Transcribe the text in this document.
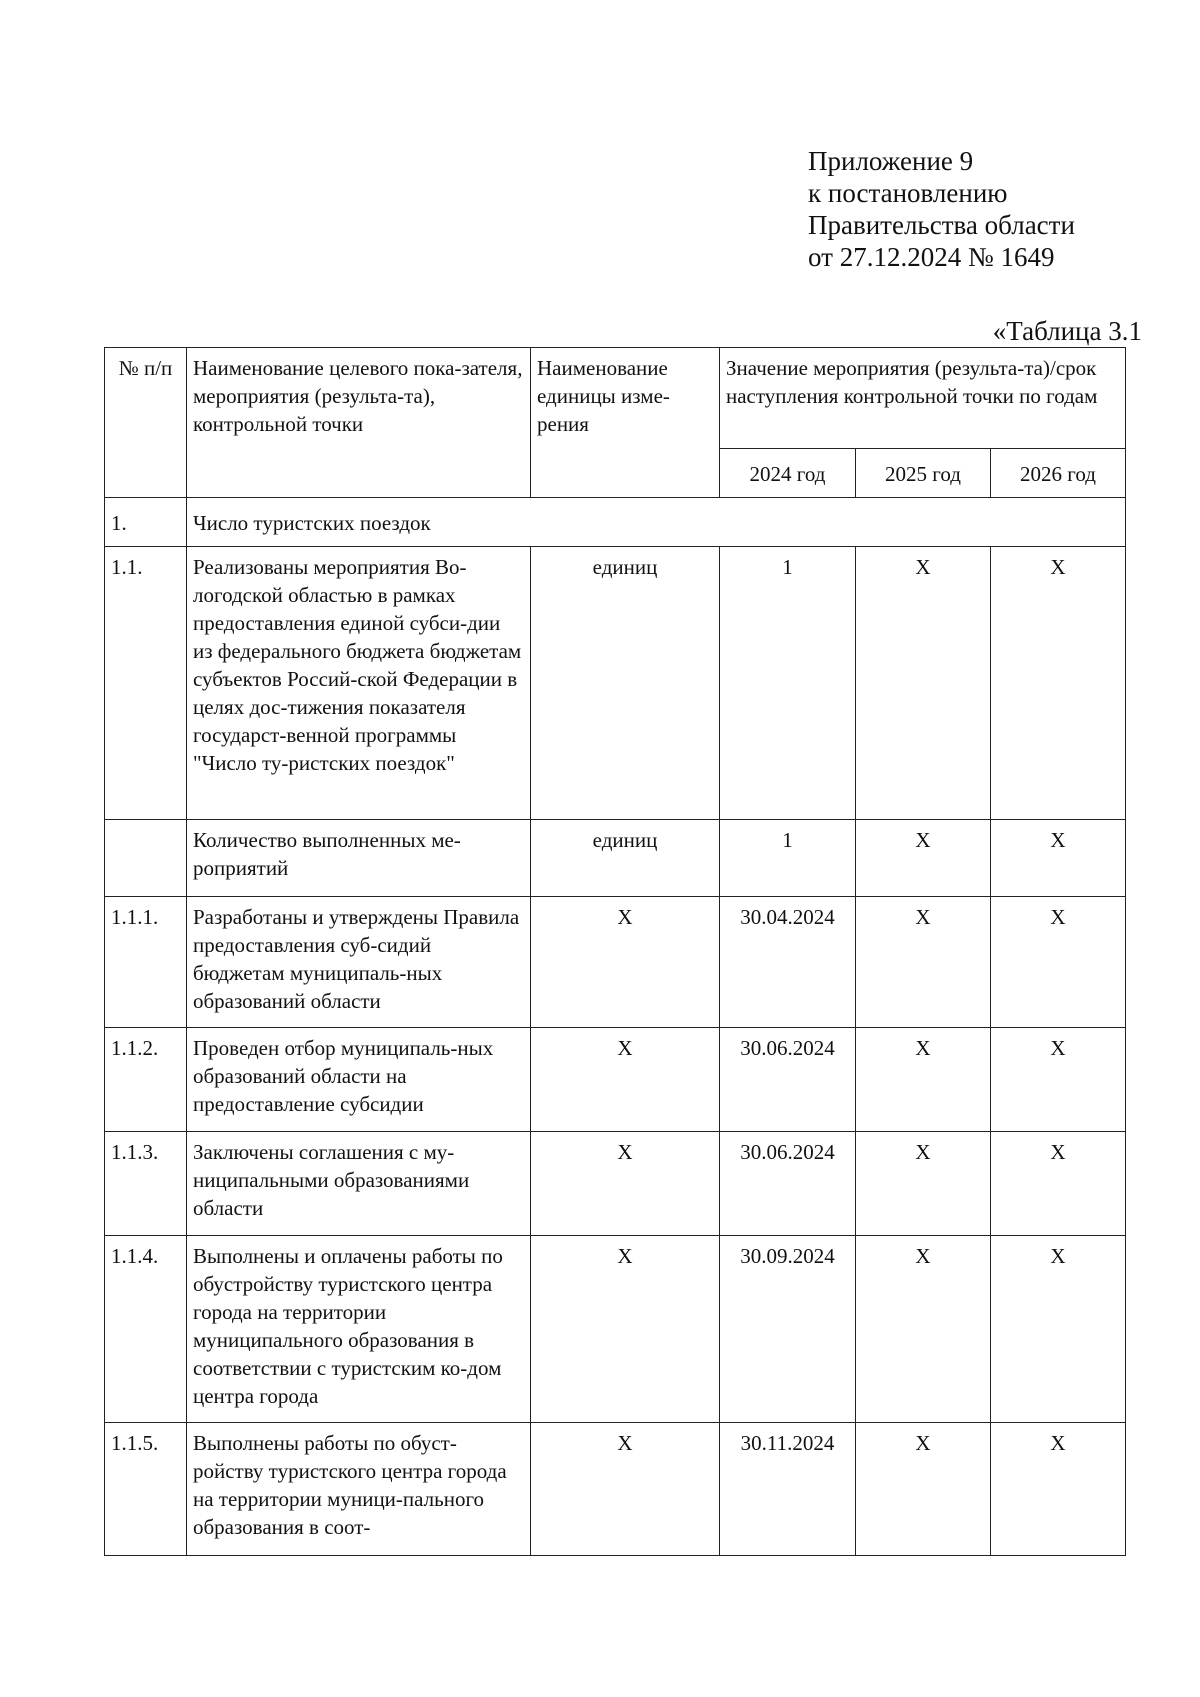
Приложение 9
к постановлению
Правительства области
от 27.12.2024 № 1649
«Таблица 3.1
№ п/п	Наименование целевого пока-зателя, мероприятия (результа-та), контрольной точки	Наименование единицы изме-рения	Значение мероприятия (результа-та)/срок наступления контрольной точки по годам		
			2024 год	2025 год	2026 год
1.	Число туристских поездок				
1.1.	Реализованы мероприятия Во-логодской областью в рамках предоставления единой субси-дии из федерального бюджета бюджетам субъектов Россий-ской Федерации в целях дос-тижения показателя государст-венной программы "Число ту-ристских поездок"	единиц	1	X	X
	Количество выполненных ме-роприятий	единиц	1	X	X
1.1.1.	Разработаны и утверждены Правила предоставления суб-сидий бюджетам муниципаль-ных образований области	X	30.04.2024	X	X
1.1.2.	Проведен отбор муниципаль-ных образований области на предоставление субсидии	X	30.06.2024	X	X
1.1.3.	Заключены соглашения с му-ниципальными образованиями области	X	30.06.2024	X	X
1.1.4.	Выполнены и оплачены работы по обустройству туристского центра города на территории муниципального образования в соответствии с туристским ко-дом центра города	X	30.09.2024	X	X
1.1.5.	Выполнены работы по обуст-ройству туристского центра города на территории муници-пального образования в соот-	X	30.11.2024	X	X
